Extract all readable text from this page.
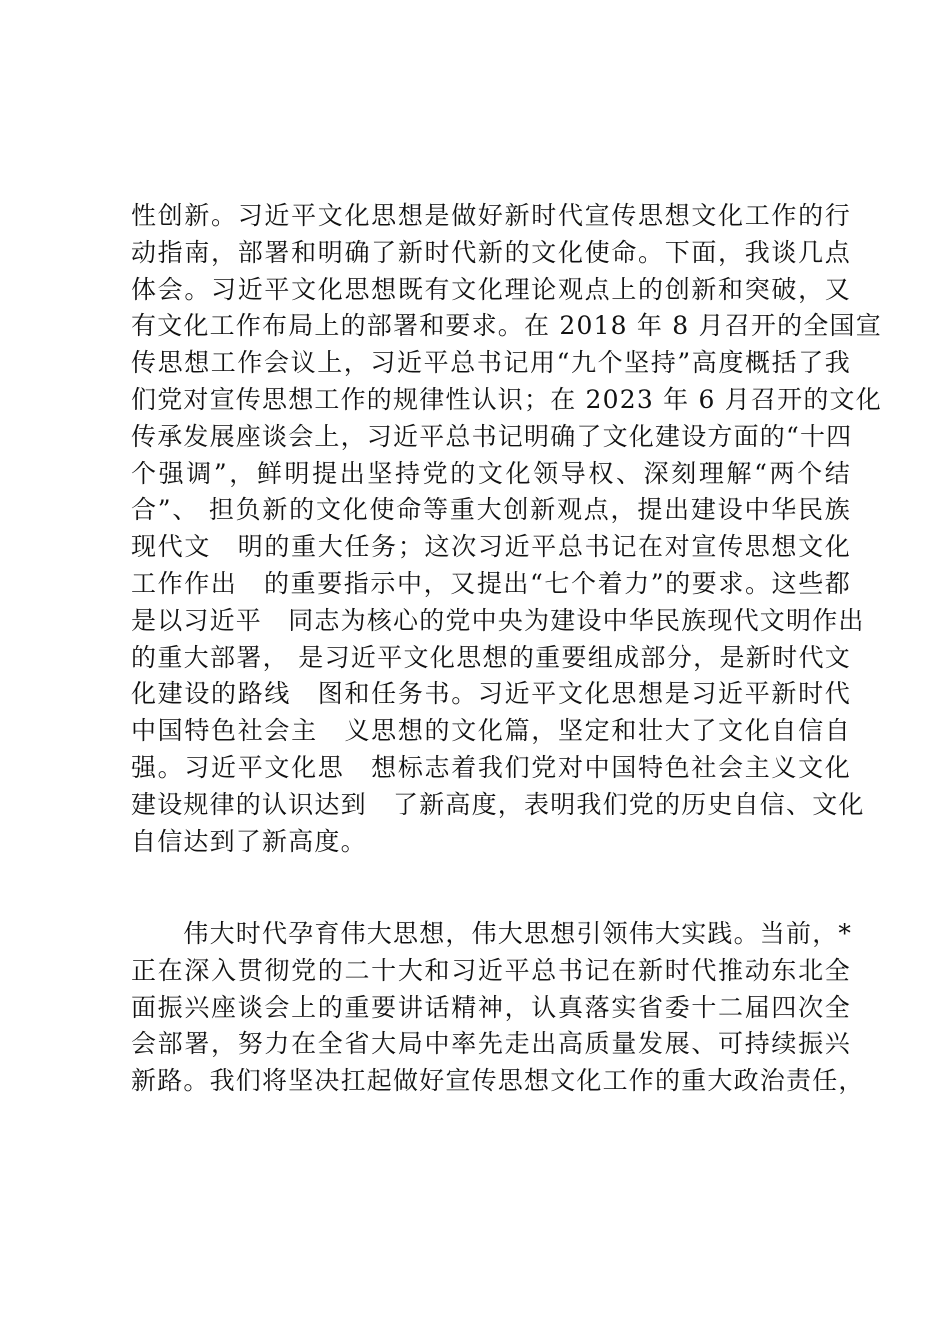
性创新。习近平文化思想是做好新时代宣传思想文化工作的行
动指南，部署和明确了新时代新的文化使命。下面，我谈几点
体会。习近平文化思想既有文化理论观点上的创新和突破，又
有文化工作布局上的部署和要求。在 2018 年 8 月召开的全国宣
传思想工作会议上，习近平总书记用“九个坚持”高度概括了我
们党对宣传思想工作的规律性认识；在 2023 年 6 月召开的文化
传承发展座谈会上，习近平总书记明确了文化建设方面的“十四
个强调”，鲜明提出坚持党的文化领导权、深刻理解“两个结
合”、 担负新的文化使命等重大创新观点，提出建设中华民族
现代文　明的重大任务；这次习近平总书记在对宣传思想文化
工作作出　的重要指示中，又提出“七个着力”的要求。这些都
是以习近平　同志为核心的党中央为建设中华民族现代文明作出
的重大部署， 是习近平文化思想的重要组成部分，是新时代文
化建设的路线　图和任务书。习近平文化思想是习近平新时代
中国特色社会主　义思想的文化篇，坚定和壮大了文化自信自
强。习近平文化思　想标志着我们党对中国特色社会主义文化
建设规律的认识达到　了新高度，表明我们党的历史自信、文化
自信达到了新高度。
　　伟大时代孕育伟大思想，伟大思想引领伟大实践。当前，*
正在深入贯彻党的二十大和习近平总书记在新时代推动东北全
面振兴座谈会上的重要讲话精神，认真落实省委十二届四次全
会部署，努力在全省大局中率先走出高质量发展、可持续振兴
新路。我们将坚决扛起做好宣传思想文化工作的重大政治责任，
